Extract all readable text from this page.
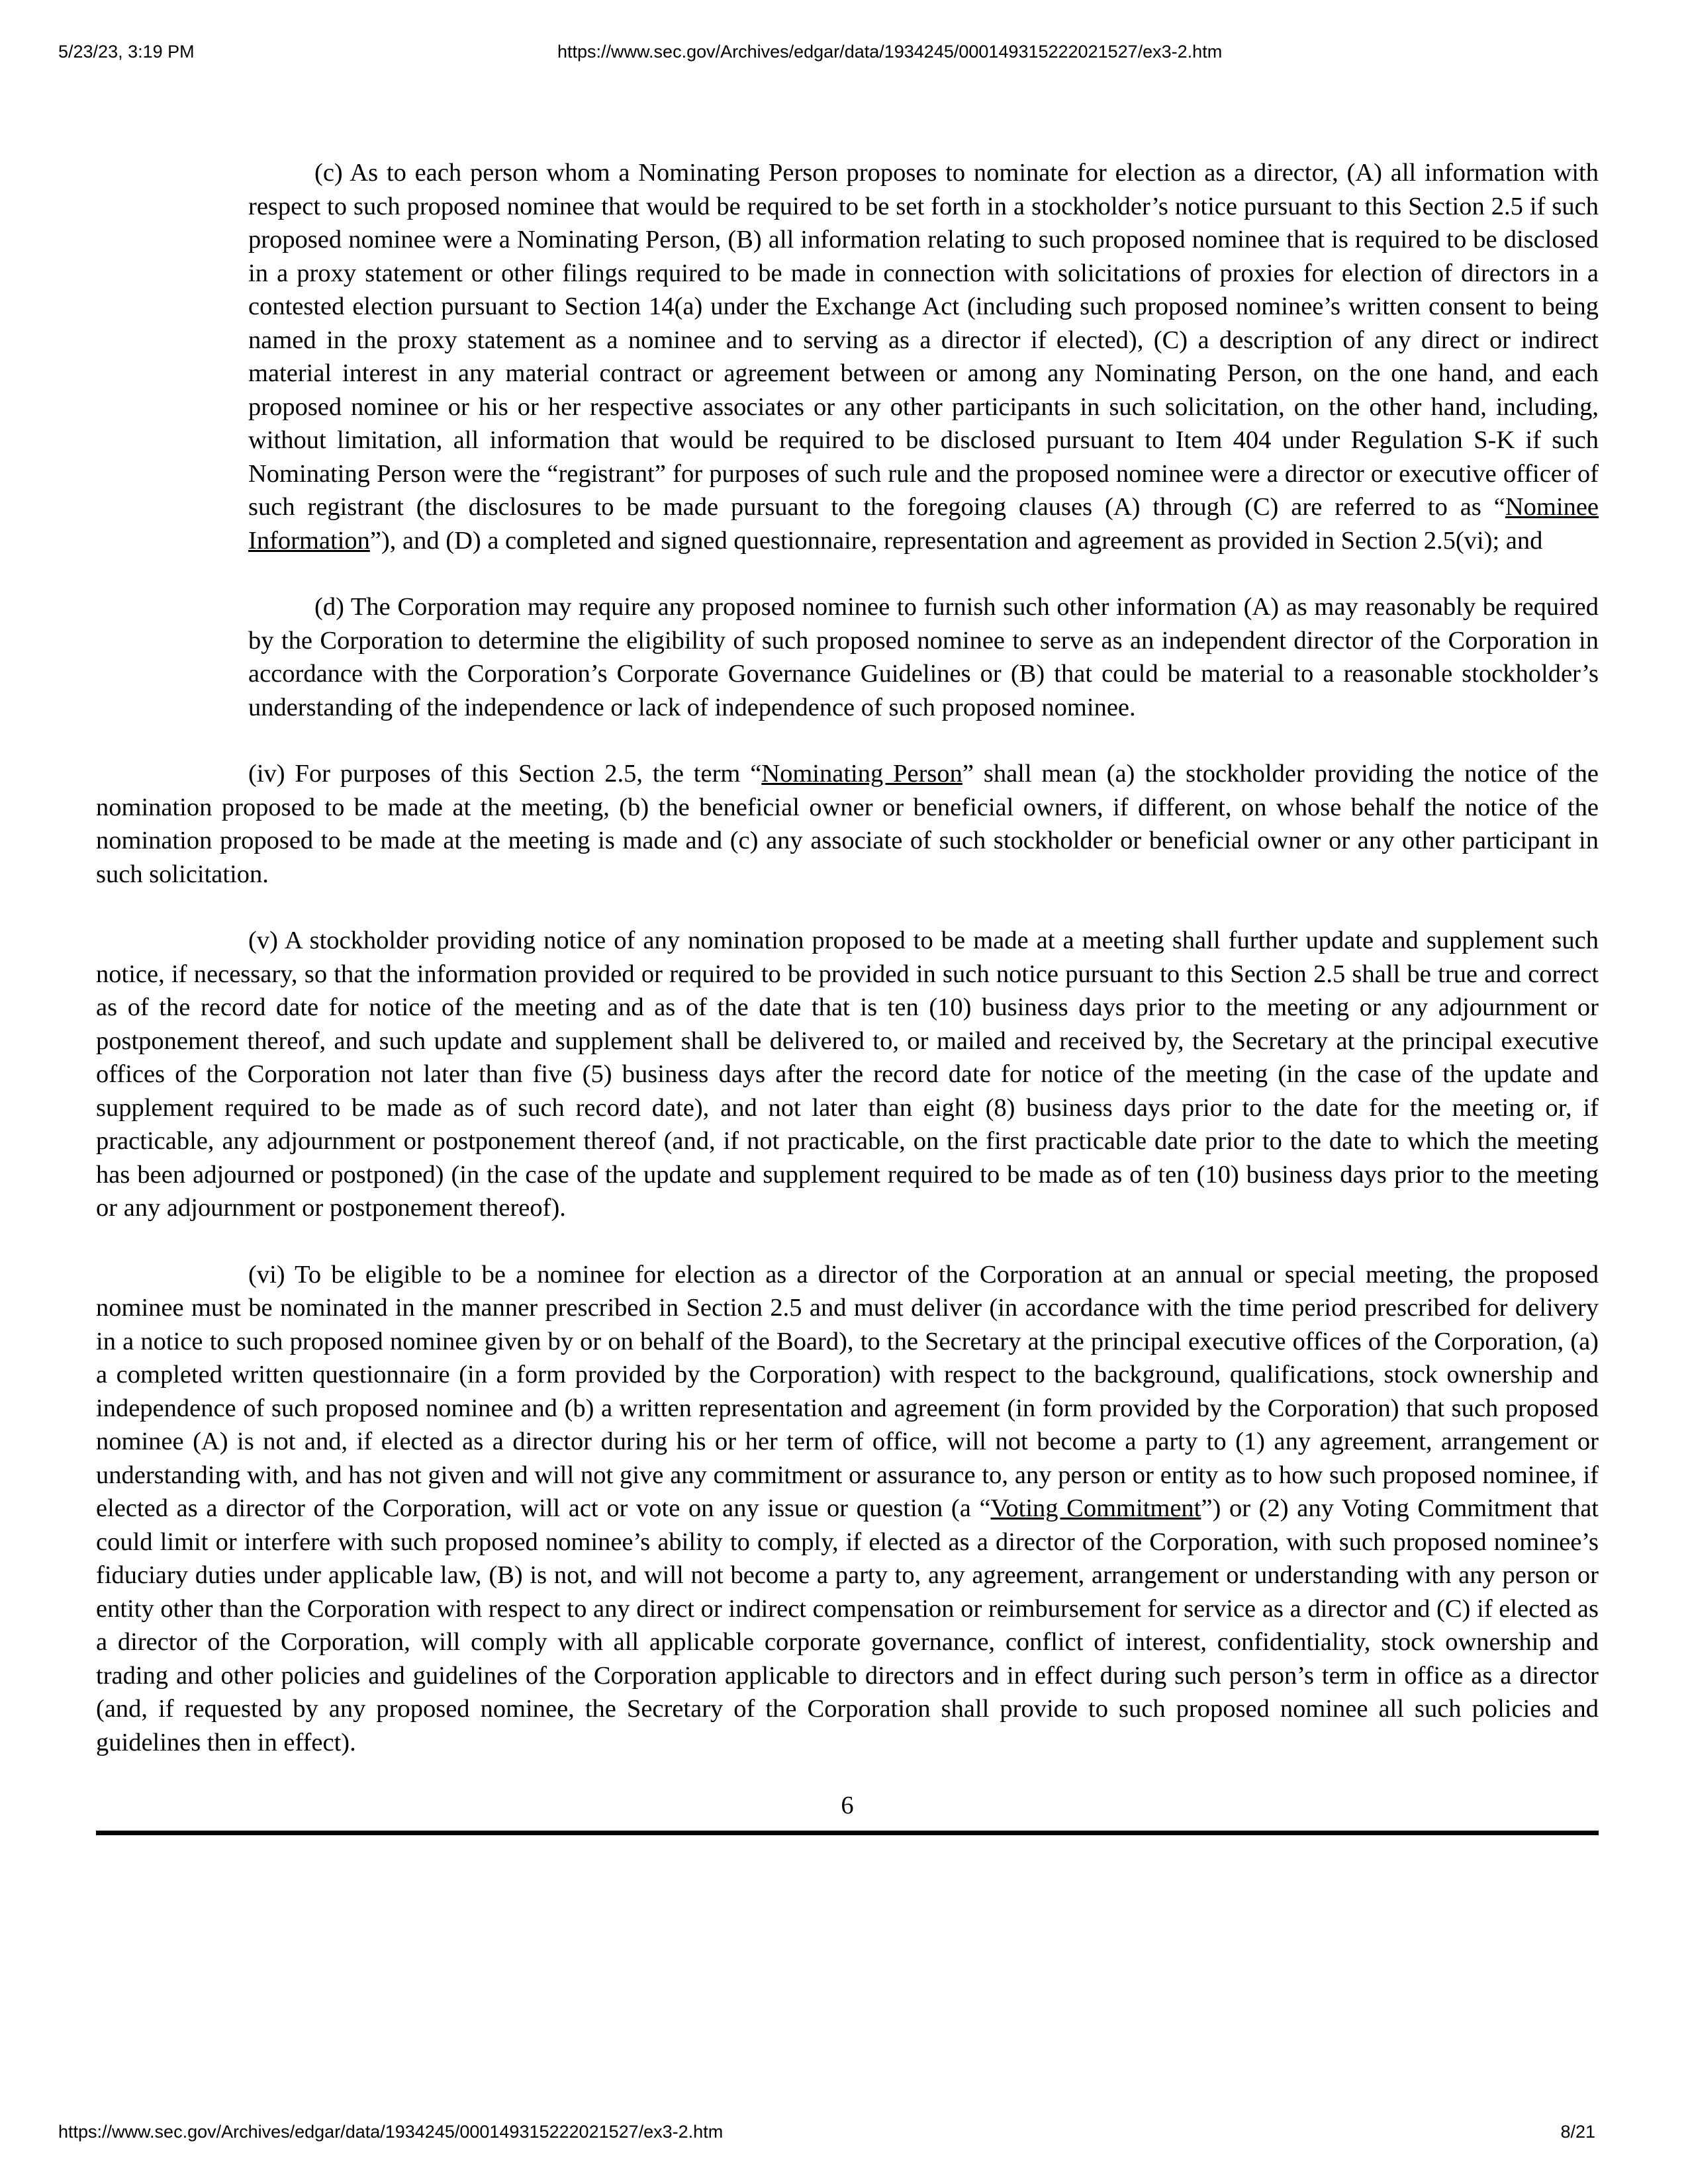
5/23/23, 3:19 PM	https://www.sec.gov/Archives/edgar/data/1934245/000149315222021527/ex3-2.htm

(c) As to each person whom a Nominating Person proposes to nominate for election as a director, (A) all information with respect to such proposed nominee that would be required to be set forth in a stockholder’s notice pursuant to this Section 2.5 if such proposed nominee were a Nominating Person, (B) all information relating to such proposed nominee that is required to be disclosed in a proxy statement or other filings required to be made in connection with solicitations of proxies for election of directors in a contested election pursuant to Section 14(a) under the Exchange Act (including such proposed nominee’s written consent to being named in the proxy statement as a nominee and to serving as a director if elected), (C) a description of any direct or indirect material interest in any material contract or agreement between or among any Nominating Person, on the one hand, and each proposed nominee or his or her respective associates or any other participants in such solicitation, on the other hand, including, without limitation, all information that would be required to be disclosed pursuant to Item 404 under Regulation S-K if such Nominating Person were the “registrant” for purposes of such rule and the proposed nominee were a director or executive officer of such registrant (the disclosures to be made pursuant to the foregoing clauses (A) through (C) are referred to as “Nominee Information”), and (D) a completed and signed questionnaire, representation and agreement as provided in Section 2.5(vi); and

(d) The Corporation may require any proposed nominee to furnish such other information (A) as may reasonably be required by the Corporation to determine the eligibility of such proposed nominee to serve as an independent director of the Corporation in accordance with the Corporation’s Corporate Governance Guidelines or (B) that could be material to a reasonable stockholder’s understanding of the independence or lack of independence of such proposed nominee.

(iv) For purposes of this Section 2.5, the term “Nominating Person” shall mean (a) the stockholder providing the notice of the nomination proposed to be made at the meeting, (b) the beneficial owner or beneficial owners, if different, on whose behalf the notice of the nomination proposed to be made at the meeting is made and (c) any associate of such stockholder or beneficial owner or any other participant in such solicitation.

(v) A stockholder providing notice of any nomination proposed to be made at a meeting shall further update and supplement such notice, if necessary, so that the information provided or required to be provided in such notice pursuant to this Section 2.5 shall be true and correct as of the record date for notice of the meeting and as of the date that is ten (10) business days prior to the meeting or any adjournment or postponement thereof, and such update and supplement shall be delivered to, or mailed and received by, the Secretary at the principal executive offices of the Corporation not later than five (5) business days after the record date for notice of the meeting (in the case of the update and supplement required to be made as of such record date), and not later than eight (8) business days prior to the date for the meeting or, if practicable, any adjournment or postponement thereof (and, if not practicable, on the first practicable date prior to the date to which the meeting has been adjourned or postponed) (in the case of the update and supplement required to be made as of ten (10) business days prior to the meeting or any adjournment or postponement thereof).

(vi) To be eligible to be a nominee for election as a director of the Corporation at an annual or special meeting, the proposed nominee must be nominated in the manner prescribed in Section 2.5 and must deliver (in accordance with the time period prescribed for delivery in a notice to such proposed nominee given by or on behalf of the Board), to the Secretary at the principal executive offices of the Corporation, (a) a completed written questionnaire (in a form provided by the Corporation) with respect to the background, qualifications, stock ownership and independence of such proposed nominee and (b) a written representation and agreement (in form provided by the Corporation) that such proposed nominee (A) is not and, if elected as a director during his or her term of office, will not become a party to (1) any agreement, arrangement or understanding with, and has not given and will not give any commitment or assurance to, any person or entity as to how such proposed nominee, if elected as a director of the Corporation, will act or vote on any issue or question (a “Voting Commitment”) or (2) any Voting Commitment that could limit or interfere with such proposed nominee’s ability to comply, if elected as a director of the Corporation, with such proposed nominee’s fiduciary duties under applicable law, (B) is not, and will not become a party to, any agreement, arrangement or understanding with any person or entity other than the Corporation with respect to any direct or indirect compensation or reimbursement for service as a director and (C) if elected as a director of the Corporation, will comply with all applicable corporate governance, conflict of interest, confidentiality, stock ownership and trading and other policies and guidelines of the Corporation applicable to directors and in effect during such person’s term in office as a director (and, if requested by any proposed nominee, the Secretary of the Corporation shall provide to such proposed nominee all such policies and guidelines then in effect).

6
https://www.sec.gov/Archives/edgar/data/1934245/000149315222021527/ex3-2.htm	8/21
